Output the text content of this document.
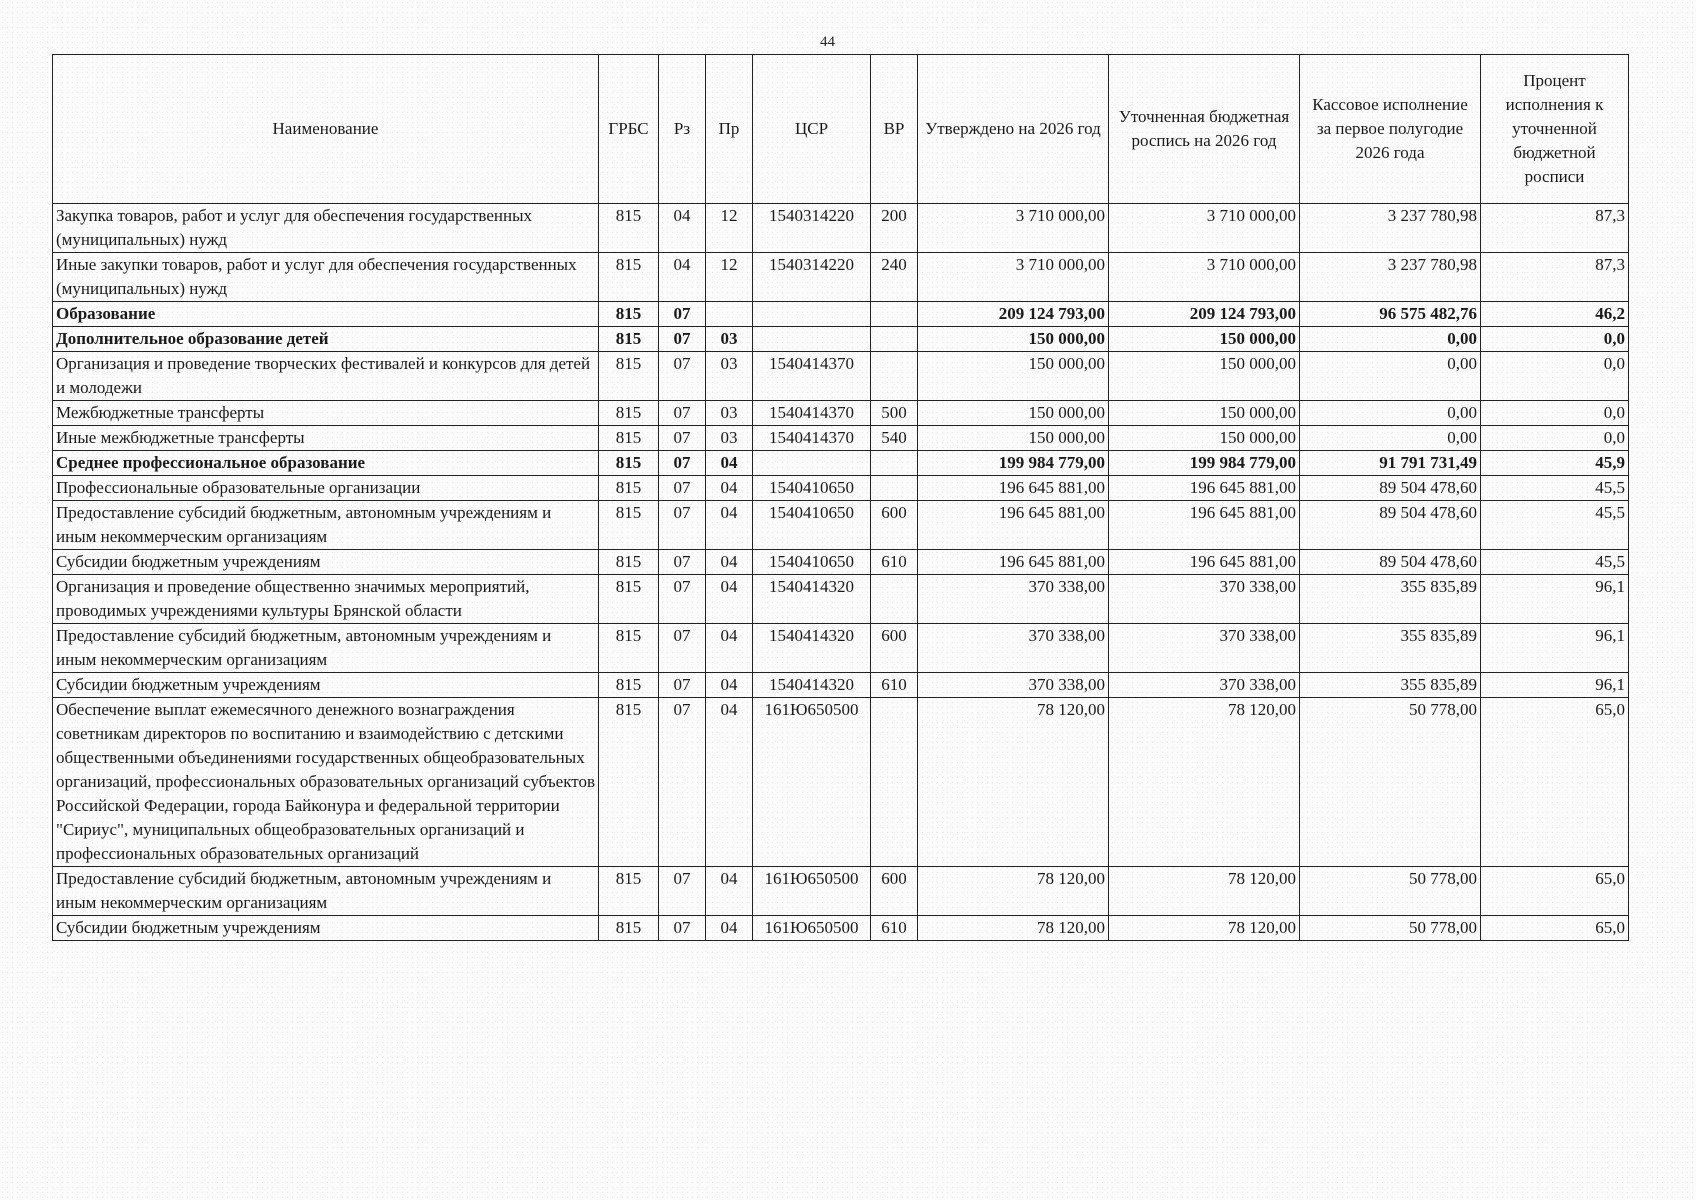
44
Наименование	ГРБС	Рз	Пр	ЦСР	ВР	Утверждено на 2026 год	Уточненная бюджетная роспись на 2026 год	Кассовое исполнение за первое полугодие 2026 года	Процент исполнения к уточненной бюджетной росписи
Закупка товаров, работ и услуг для обеспечения государственных (муниципальных) нужд	815	04	12	1540314220	200	3 710 000,00	3 710 000,00	3 237 780,98	87,3
Иные закупки товаров, работ и услуг для обеспечения государственных (муниципальных) нужд	815	04	12	1540314220	240	3 710 000,00	3 710 000,00	3 237 780,98	87,3
Образование	815	07				209 124 793,00	209 124 793,00	96 575 482,76	46,2
Дополнительное образование детей	815	07	03			150 000,00	150 000,00	0,00	0,0
Организация и проведение творческих фестивалей и конкурсов для детей и молодежи	815	07	03	1540414370		150 000,00	150 000,00	0,00	0,0
Межбюджетные трансферты	815	07	03	1540414370	500	150 000,00	150 000,00	0,00	0,0
Иные межбюджетные трансферты	815	07	03	1540414370	540	150 000,00	150 000,00	0,00	0,0
Среднее профессиональное образование	815	07	04			199 984 779,00	199 984 779,00	91 791 731,49	45,9
Профессиональные образовательные организации	815	07	04	1540410650		196 645 881,00	196 645 881,00	89 504 478,60	45,5
Предоставление субсидий бюджетным, автономным учреждениям и иным некоммерческим организациям	815	07	04	1540410650	600	196 645 881,00	196 645 881,00	89 504 478,60	45,5
Субсидии бюджетным учреждениям	815	07	04	1540410650	610	196 645 881,00	196 645 881,00	89 504 478,60	45,5
Организация и проведение общественно значимых мероприятий, проводимых учреждениями культуры Брянской области	815	07	04	1540414320		370 338,00	370 338,00	355 835,89	96,1
Предоставление субсидий бюджетным, автономным учреждениям и иным некоммерческим организациям	815	07	04	1540414320	600	370 338,00	370 338,00	355 835,89	96,1
Субсидии бюджетным учреждениям	815	07	04	1540414320	610	370 338,00	370 338,00	355 835,89	96,1
Обеспечение выплат ежемесячного денежного вознаграждения советникам директоров по воспитанию и взаимодействию с детскими общественными объединениями государственных общеобразовательных организаций, профессиональных образовательных организаций субъектов Российской Федерации, города Байконура и федеральной территории "Сириус", муниципальных общеобразовательных организаций и профессиональных образовательных организаций	815	07	04	161Ю650500		78 120,00	78 120,00	50 778,00	65,0
Предоставление субсидий бюджетным, автономным учреждениям и иным некоммерческим организациям	815	07	04	161Ю650500	600	78 120,00	78 120,00	50 778,00	65,0
Субсидии бюджетным учреждениям	815	07	04	161Ю650500	610	78 120,00	78 120,00	50 778,00	65,0
